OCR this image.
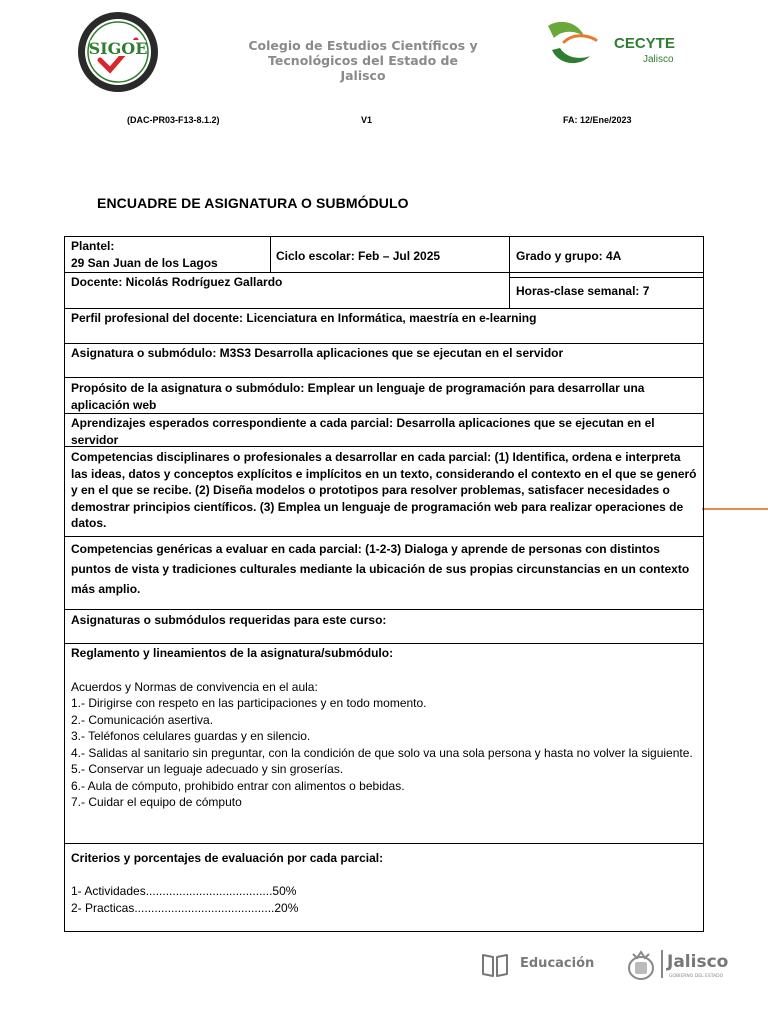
SIGOE	Colegio de Estudios Científicos y Tecnológicos del Estado de Jalisco
CECYTE
Jalisco
(DAC-PR03-F13-8.1.2)	V1	FA: 12/Ene/2023
ENCUADRE DE ASIGNATURA O SUBMÓDULO
Plantel:
29 San Juan de los Lagos	Ciclo escolar: Feb – Jul 2025	Grado y grupo: 4A
Docente: Nicolás Rodríguez Gallardo
Horas-clase semanal: 7
Perfil profesional del docente: Licenciatura en Informática, maestría en e-learning
Asignatura o submódulo: M3S3 Desarrolla aplicaciones que se ejecutan en el servidor
Propósito de la asignatura o submódulo: Emplear un lenguaje de programación para desarrollar una aplicación web
Aprendizajes esperados correspondiente a cada parcial: Desarrolla aplicaciones que se ejecutan en el servidor
Competencias disciplinares o profesionales a desarrollar en cada parcial: (1) Identifica, ordena e interpreta las ideas, datos y conceptos explícitos e implícitos en un texto, considerando el contexto en el que se generó y en el que se recibe. (2) Diseña modelos o prototipos para resolver problemas, satisfacer necesidades o demostrar principios científicos. (3) Emplea un lenguaje de programación web para realizar operaciones de datos.
Competencias genéricas a evaluar en cada parcial: (1-2-3) Dialoga y aprende de personas con distintos puntos de vista y tradiciones culturales mediante la ubicación de sus propias circunstancias en un contexto más amplio.
Asignaturas o submódulos requeridas para este curso:
Reglamento y lineamientos de la asignatura/submódulo:
Acuerdos y Normas de convivencia en el aula:
1.- Dirigirse con respeto en las participaciones y en todo momento.
2.- Comunicación asertiva.
3.- Teléfonos celulares guardas y en silencio.
4.- Salidas al sanitario sin preguntar, con la condición de que solo va una sola persona y hasta no volver la siguiente.
5.- Conservar un leguaje adecuado y sin groserías.
6.- Aula de cómputo, prohibido entrar con alimentos o bebidas.
7.- Cuidar el equipo de cómputo
Criterios y porcentajes de evaluación por cada parcial:
1- Actividades......................................50%
2- Practicas..........................................20%
Educación	Jalisco
GOBIERNO DEL ESTADO
